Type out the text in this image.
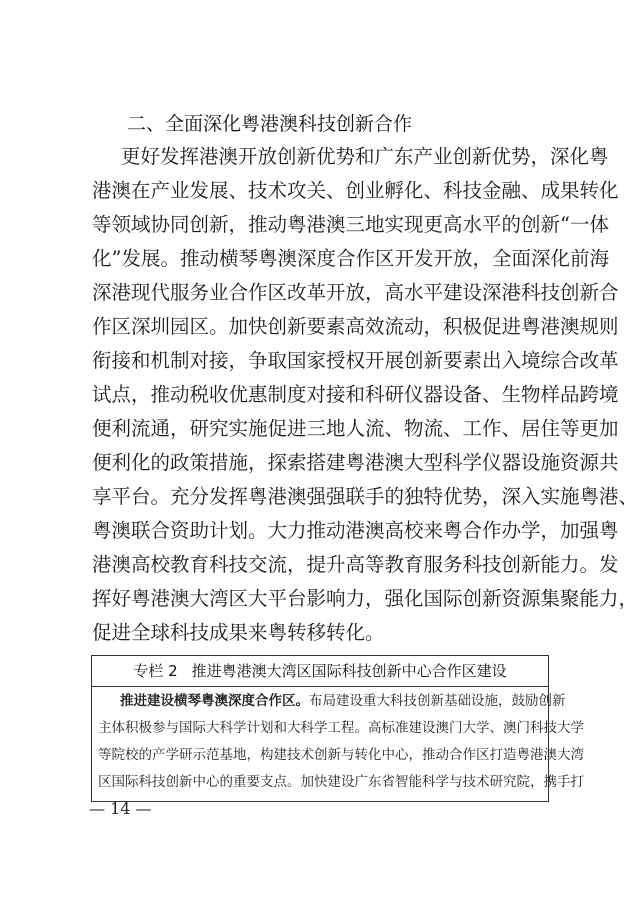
二、全面深化粤港澳科技创新合作
更好发挥港澳开放创新优势和广东产业创新优势，深化粤
港澳在产业发展、技术攻关、创业孵化、科技金融、成果转化
等领域协同创新，推动粤港澳三地实现更高水平的创新“一体
化”发展。推动横琴粤澳深度合作区开发开放，全面深化前海
深港现代服务业合作区改革开放，高水平建设深港科技创新合
作区深圳园区。加快创新要素高效流动，积极促进粤港澳规则
衔接和机制对接，争取国家授权开展创新要素出入境综合改革
试点，推动税收优惠制度对接和科研仪器设备、生物样品跨境
便利流通，研究实施促进三地人流、物流、工作、居住等更加
便利化的政策措施，探索搭建粤港澳大型科学仪器设施资源共
享平台。充分发挥粤港澳强强联手的独特优势，深入实施粤港、
粤澳联合资助计划。大力推动港澳高校来粤合作办学，加强粤
港澳高校教育科技交流，提升高等教育服务科技创新能力。发
挥好粤港澳大湾区大平台影响力，强化国际创新资源集聚能力，
促进全球科技成果来粤转移转化。
专栏 2 推进粤港澳大湾区国际科技创新中心合作区建设
推进建设横琴粤澳深度合作区。布局建设重大科技创新基础设施，鼓励创新
主体积极参与国际大科学计划和大科学工程。高标准建设澳门大学、澳门科技大学
等院校的产学研示范基地，构建技术创新与转化中心，推动合作区打造粤港澳大湾
区国际科技创新中心的重要支点。加快建设广东省智能科学与技术研究院，携手打
— 14 —
